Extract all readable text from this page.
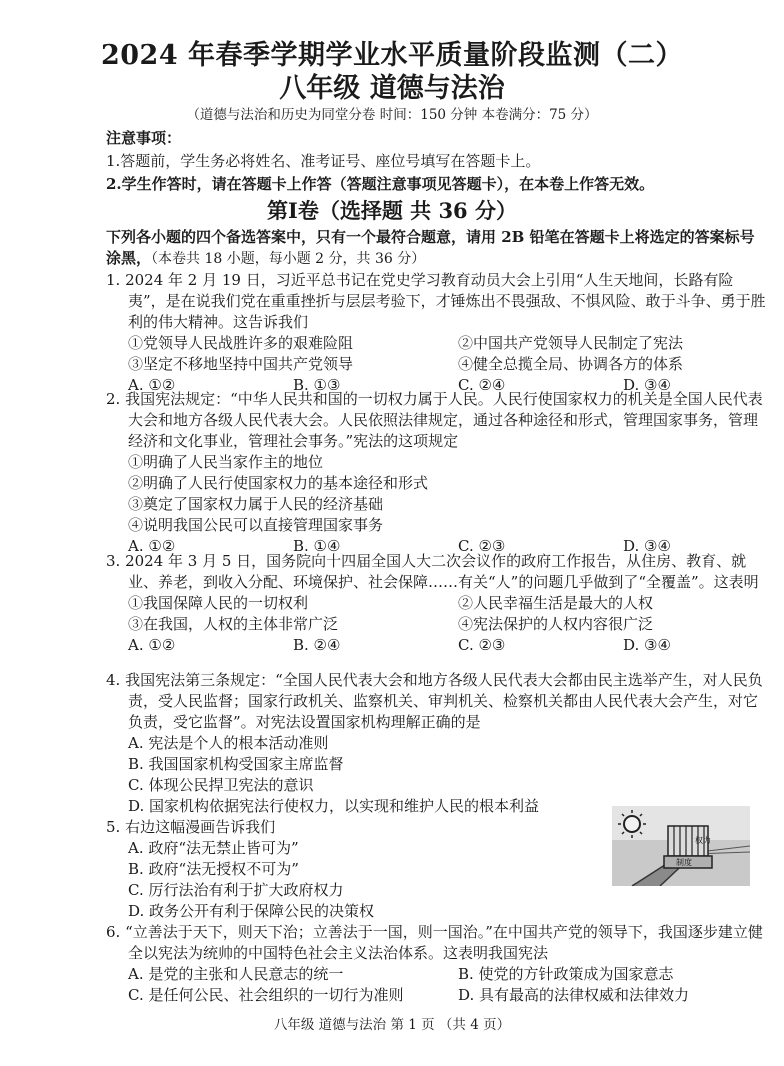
2024 年春季学期学业水平质量阶段监测（二）
八年级 道德与法治
（道德与法治和历史为同堂分卷 时间：150 分钟 本卷满分：75 分）
注意事项：
1.答题前，学生务必将姓名、准考证号、座位号填写在答题卡上。
2.学生作答时，请在答题卡上作答（答题注意事项见答题卡），在本卷上作答无效。
第Ⅰ卷（选择题 共 36 分）
下列各小题的四个备选答案中，只有一个最符合题意，请用 2B 铅笔在答题卡上将选定的答案标号涂黑，（本卷共 18 小题，每小题 2 分，共 36 分）
1. 2024 年 2 月 19 日，习近平总书记在党史学习教育动员大会上引用“人生天地间，长路有险夷”，是在说我们党在重重挫折与层层考验下，才锤炼出不畏强敌、不惧风险、敢于斗争、勇于胜利的伟大精神。这告诉我们
①党领导人民战胜许多的艰难险阻	②中国共产党领导人民制定了宪法
③坚定不移地坚持中国共产党领导	④健全总揽全局、协调各方的体系
A. ①②	B. ①③	C. ②④	D. ③④
2. 我国宪法规定：“中华人民共和国的一切权力属于人民。人民行使国家权力的机关是全国人民代表大会和地方各级人民代表大会。人民依照法律规定，通过各种途径和形式，管理国家事务，管理经济和文化事业，管理社会事务。”宪法的这项规定
①明确了人民当家作主的地位
②明确了人民行使国家权力的基本途径和形式
③奠定了国家权力属于人民的经济基础
④说明我国公民可以直接管理国家事务
A. ①②	B. ①④	C. ②③	D. ③④
3. 2024 年 3 月 5 日，国务院向十四届全国人大二次会议作的政府工作报告，从住房、教育、就业、养老，到收入分配、环境保护、社会保障……有关“人”的问题几乎做到了“全覆盖”。这表明
①我国保障人民的一切权利	②人民幸福生活是最大的人权
③在我国，人权的主体非常广泛	④宪法保护的人权内容很广泛
A. ①②	B. ②④	C. ②③	D. ③④
4. 我国宪法第三条规定：“全国人民代表大会和地方各级人民代表大会都由民主选举产生，对人民负责，受人民监督；国家行政机关、监察机关、审判机关、检察机关都由人民代表大会产生，对它负责，受它监督”。对宪法设置国家机构理解正确的是
A. 宪法是个人的根本活动准则
B. 我国国家机构受国家主席监督
C. 体现公民捍卫宪法的意识
D. 国家机构依据宪法行使权力，以实现和维护人民的根本利益
5. 右边这幅漫画告诉我们
A. 政府“法无禁止皆可为”
B. 政府“法无授权不可为”
C. 厉行法治有利于扩大政府权力
D. 政务公开有利于保障公民的决策权
权力
制度
6. “立善法于天下，则天下治；立善法于一国，则一国治。”在中国共产党的领导下，我国逐步建立健全以宪法为统帅的中国特色社会主义法治体系。这表明我国宪法
A. 是党的主张和人民意志的统一	B. 使党的方针政策成为国家意志
C. 是任何公民、社会组织的一切行为准则	D. 具有最高的法律权威和法律效力
八年级 道德与法治 第 1 页 （共 4 页）
